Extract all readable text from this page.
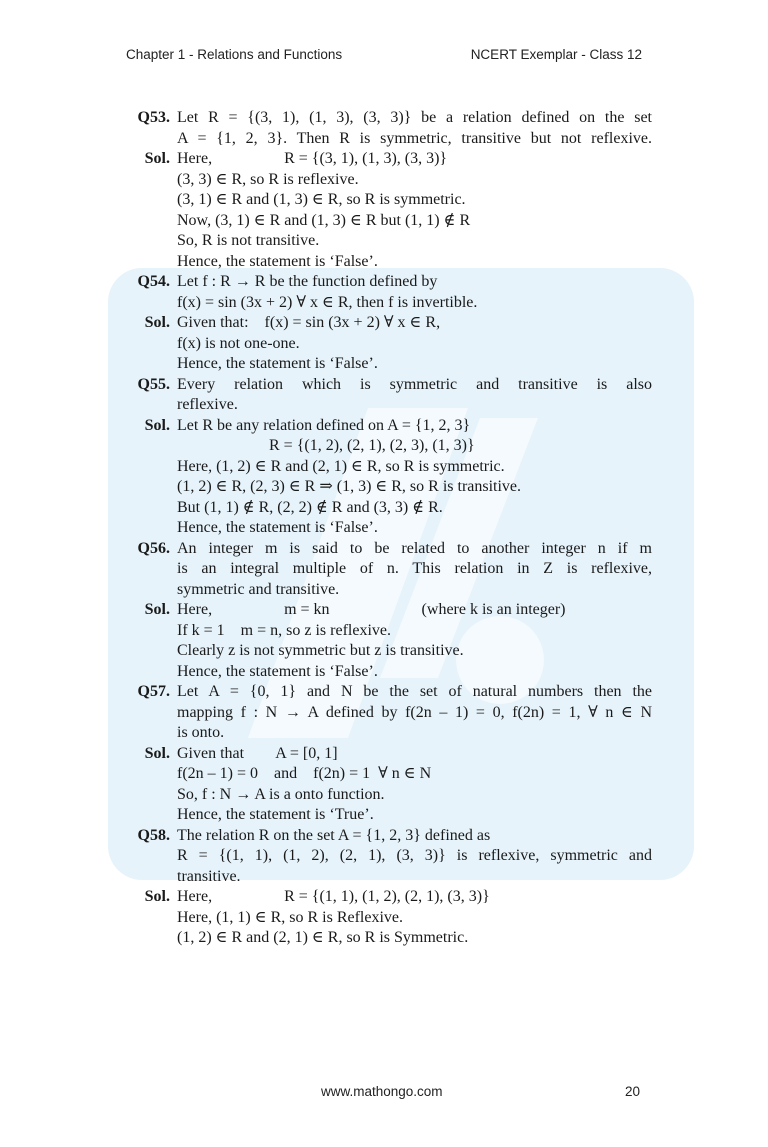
Chapter 1 - Relations and Functions	NCERT Exemplar - Class 12
Q53. Let R = {(3, 1), (1, 3), (3, 3)} be a relation defined on the set
A = {1, 2, 3}. Then R is symmetric, transitive but not reflexive.
Sol. Here,                  R = {(3, 1), (1, 3), (3, 3)}
(3, 3) ∈ R, so R is reflexive.
(3, 1) ∈ R and (1, 3) ∈ R, so R is symmetric.
Now, (3, 1) ∈ R and (1, 3) ∈ R but (1, 1) ∉ R
So, R is not transitive.
Hence, the statement is ‘False’.
Q54. Let f : R → R be the function defined by
f(x) = sin (3x + 2) ∀ x ∈ R, then f is invertible.
Sol. Given that:    f(x) = sin (3x + 2) ∀ x ∈ R,
f(x) is not one-one.
Hence, the statement is ‘False’.
Q55. Every relation which is symmetric and transitive is also
reflexive.
Sol. Let R be any relation defined on A = {1, 2, 3}
R = {(1, 2), (2, 1), (2, 3), (1, 3)}
Here, (1, 2) ∈ R and (2, 1) ∈ R, so R is symmetric.
(1, 2) ∈ R, (2, 3) ∈ R ⇒ (1, 3) ∈ R, so R is transitive.
But (1, 1) ∉ R, (2, 2) ∉ R and (3, 3) ∉ R.
Hence, the statement is ‘False’.
Q56. An integer m is said to be related to another integer n if m
is an integral multiple of n. This relation in Z is reflexive,
symmetric and transitive.
Sol. Here,                  m = kn                       (where k is an integer)
If k = 1    m = n, so z is reflexive.
Clearly z is not symmetric but z is transitive.
Hence, the statement is ‘False’.
Q57. Let A = {0, 1} and N be the set of natural numbers then the
mapping f : N → A defined by f(2n – 1) = 0, f(2n) = 1, ∀ n ∈ N
is onto.
Sol. Given that        A = [0, 1]
f(2n – 1) = 0    and    f(2n) = 1  ∀ n ∈ N
So, f : N → A is a onto function.
Hence, the statement is ‘True’.
Q58. The relation R on the set A = {1, 2, 3} defined as
R = {(1, 1), (1, 2), (2, 1), (3, 3)} is reflexive, symmetric and
transitive.
Sol. Here,                  R = {(1, 1), (1, 2), (2, 1), (3, 3)}
Here, (1, 1) ∈ R, so R is Reflexive.
(1, 2) ∈ R and (2, 1) ∈ R, so R is Symmetric.
www.mathongo.com	20
